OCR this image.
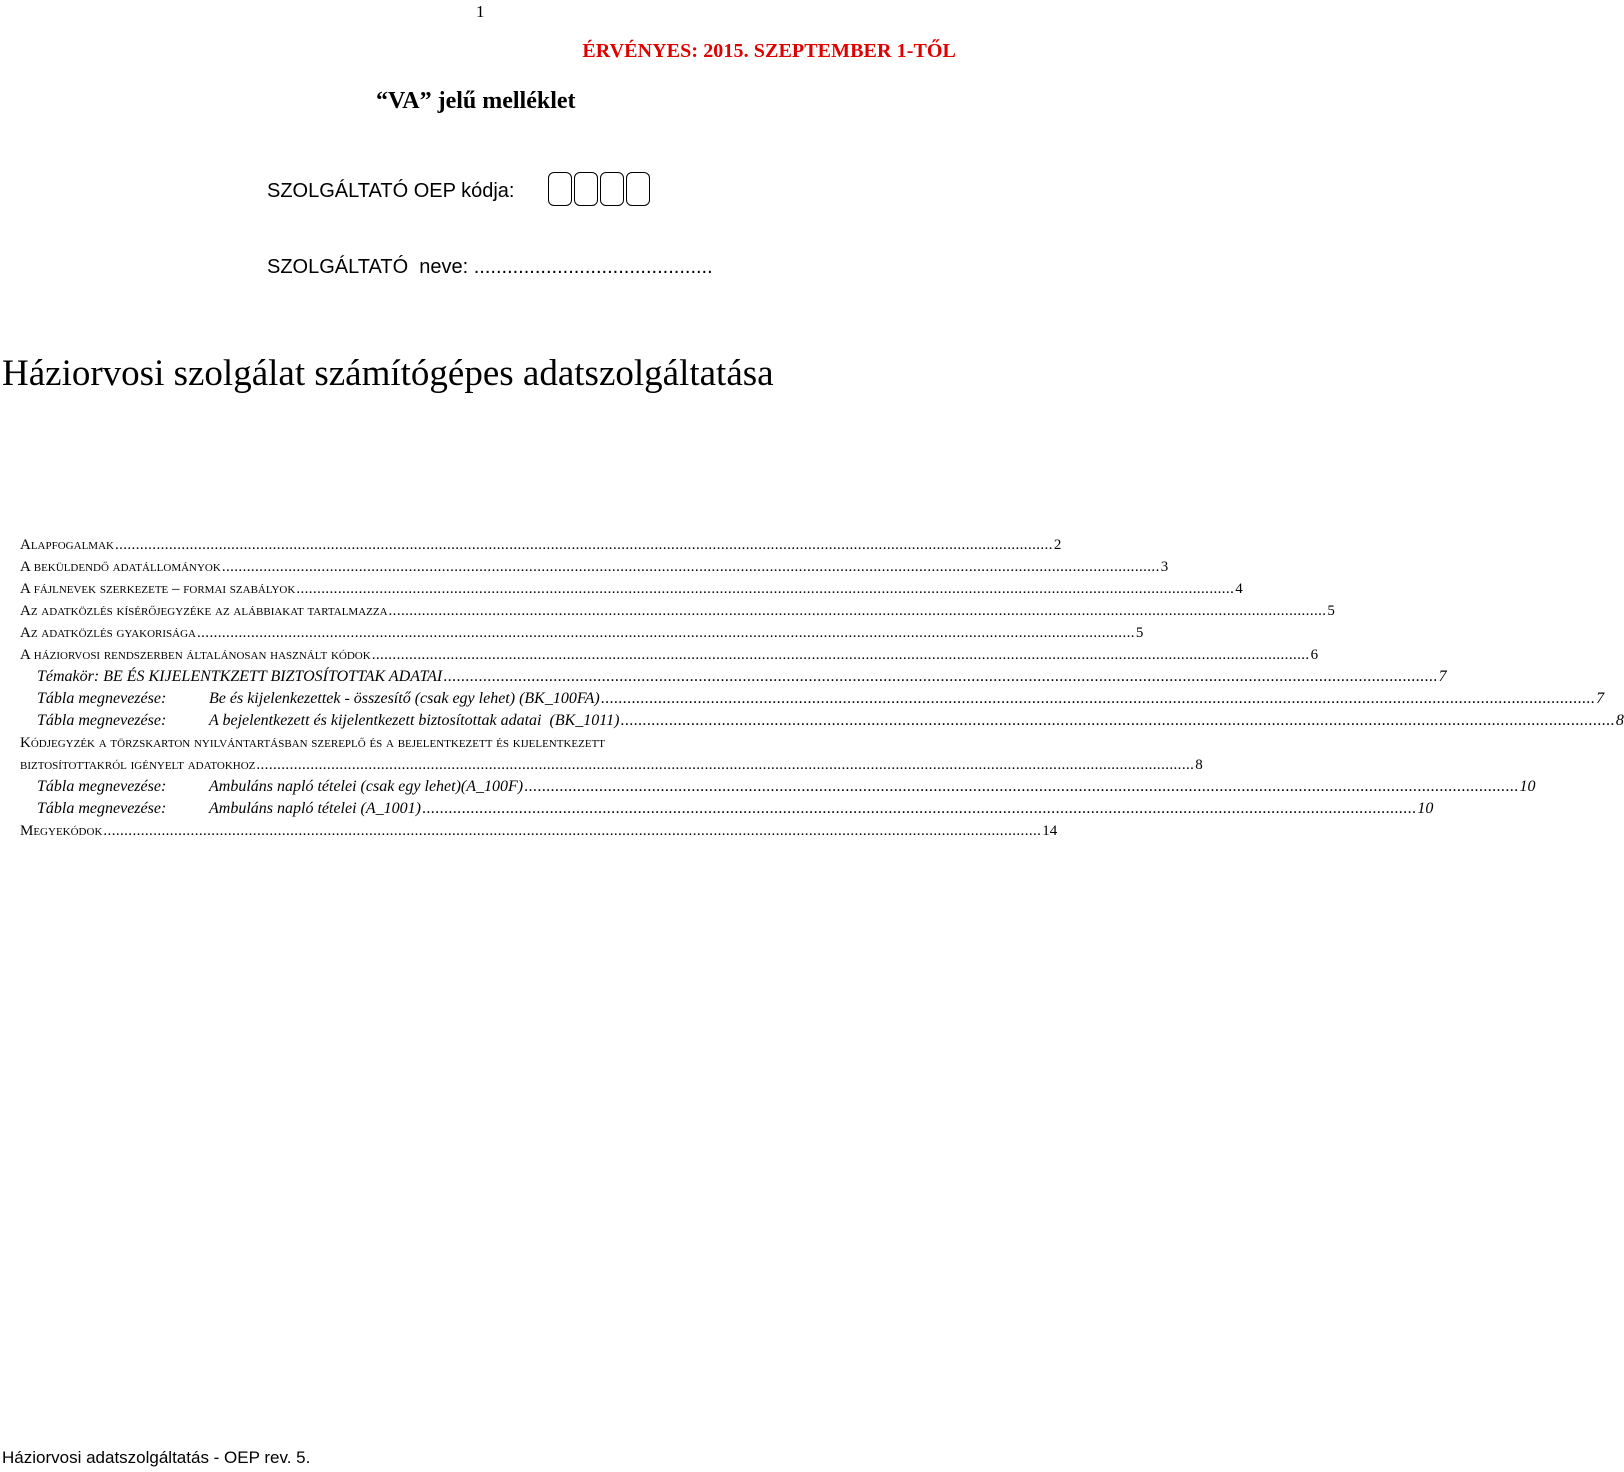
1
ÉRVÉNYES: 2015. SZEPTEMBER 1-TŐL
“VA” jelű melléklet
SZOLGÁLTATÓ OEP kódja:
SZOLGÁLTATÓ  neve: ...........................................
Háziorvosi szolgálat számítógépes adatszolgáltatása
Alapfogalmak .................................................................................................................................................................................................................................. 2
A beküldendő adatállományok .................................................................................................................................................................................................................................. 3
A fájlnevek szerkezete – formai szabályok .................................................................................................................................................................................................................................. 4
Az adatközlés kísérőjegyzéke az alábbiakat tartalmazza .................................................................................................................................................................................................................................. 5
Az adatközlés gyakorisága .................................................................................................................................................................................................................................. 5
A háziorvosi rendszerben általánosan használt kódok .................................................................................................................................................................................................................................. 6
Témakör: BE ÉS KIJELENTKZETT BIZTOSÍTOTTAK ADATAI .................................................................................................................................................................................................................................. 7
Tábla megnevezése:	Be és kijelenkezettek - összesítő (csak egy lehet) (BK_100FA) .................................................................................................................................................................................................................................. 7
Tábla megnevezése:	A bejelentkezett és kijelentkezett biztosítottak adatai  (BK_1011) .................................................................................................................................................................................................................................. 8
Kódjegyzék a törzskarton nyilvántartásban szereplő és a bejelentkezett és kijelentkezett
biztosítottakról igényelt adatokhoz .................................................................................................................................................................................................................................. 8
Tábla megnevezése:	Ambuláns napló tételei (csak egy lehet)(A_100F) .................................................................................................................................................................................................................................. 10
Tábla megnevezése:	Ambuláns napló tételei (A_1001) .................................................................................................................................................................................................................................. 10
Megyekódok .................................................................................................................................................................................................................................. 14
Háziorvosi adatszolgáltatás - OEP rev. 5.
